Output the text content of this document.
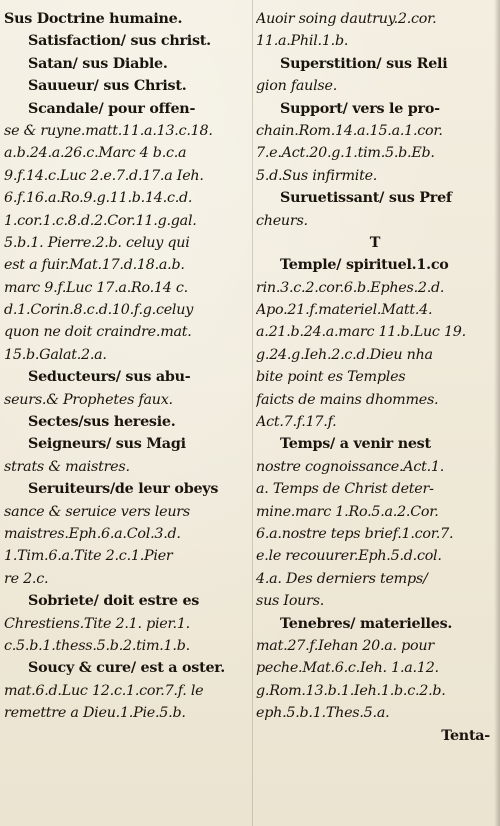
Sus Doctrine humaine.
Satisfaction/ sus christ.
Satan/ sus Diable.
Sauueur/ sus Christ.
Scandale/ pour offen-
se & ruyne.matt.11.a.13.c.18.
a.b.24.a.26.c.Marc 4 b.c.a
9.f.14.c.Luc 2.e.7.d.17.a Ieh.
6.f.16.a.Ro.9.g.11.b.14.c.d.
1.cor.1.c.8.d.2.Cor.11.g.gal.
5.b.1. Pierre.2.b. celuy qui
est a fuir.Mat.17.d.18.a.b.
marc 9.f.Luc 17.a.Ro.14 c.
d.1.Corin.8.c.d.10.f.g.celuy
quon ne doit craindre.mat.
15.b.Galat.2.a.
Seducteurs/ sus abu-
seurs.& Prophetes faux.
Sectes/sus heresie.
Seigneurs/ sus Magi
strats & maistres.
Seruiteurs/de leur obeys
sance & seruice vers leurs
maistres.Eph.6.a.Col.3.d.
1.Tim.6.a.Tite 2.c.1.Pier
re 2.c.
Sobriete/ doit estre es
Chrestiens.Tite 2.1. pier.1.
c.5.b.1.thess.5.b.2.tim.1.b.
Soucy & cure/ est a oster.
mat.6.d.Luc 12.c.1.cor.7.f. le
remettre a Dieu.1.Pie.5.b.
Auoir soing dautruy.2.cor.
11.a.Phil.1.b.
Superstition/ sus Reli
gion faulse.
Support/ vers le pro-
chain.Rom.14.a.15.a.1.cor.
7.e.Act.20.g.1.tim.5.b.Eb.
5.d.Sus infirmite.
Suruetissant/ sus Pref
cheurs.
T
Temple/ spirituel.1.co
rin.3.c.2.cor.6.b.Ephes.2.d.
Apo.21.f.materiel.Matt.4.
a.21.b.24.a.marc 11.b.Luc 19.
g.24.g.Ieh.2.c.d.Dieu nha
bite point es Temples
faicts de mains dhommes.
Act.7.f.17.f.
Temps/ a venir nest
nostre cognoissance.Act.1.
a. Temps de Christ deter-
mine.marc 1.Ro.5.a.2.Cor.
6.a.nostre teps brief.1.cor.7.
e.le recouurer.Eph.5.d.col.
4.a. Des derniers temps/
sus Iours.
Tenebres/ materielles.
mat.27.f.Iehan 20.a. pour
peche.Mat.6.c.Ieh. 1.a.12.
g.Rom.13.b.1.Ieh.1.b.c.2.b.
eph.5.b.1.Thes.5.a.
Tenta-
